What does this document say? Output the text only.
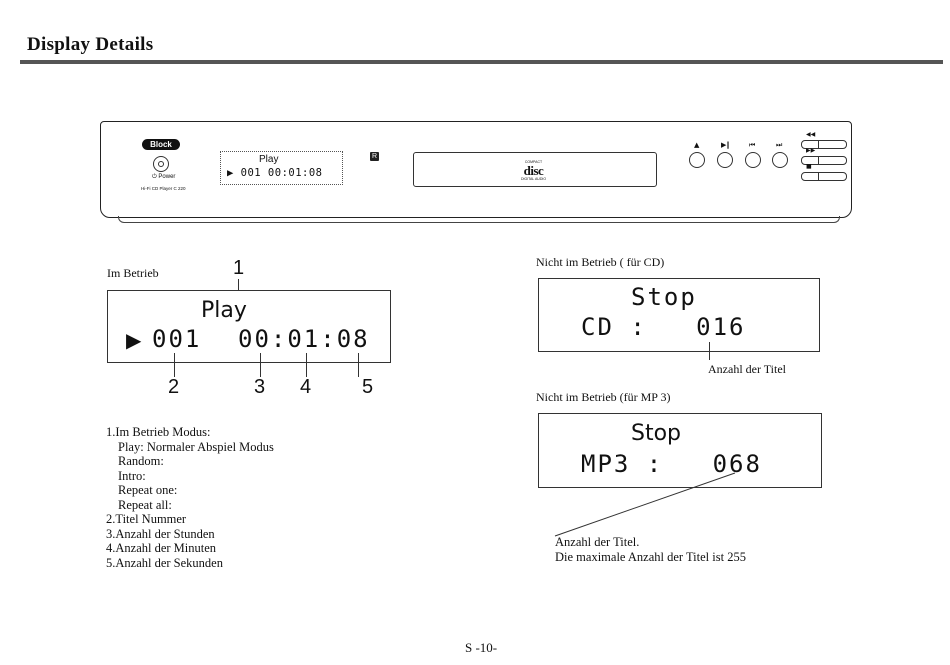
Display Details
Block
⏻ Power
Hi-Fi CD Player C 220
Play
▶ 001 00:01:08
R
COMPACT
disc
DIGITAL AUDIO
▲	▶‖	⏮	⏭
◀◀
▶▶
■
Im Betrieb	1
Play
▶ 001 00:01:08
2	3 4	5
Nicht im Betrieb ( für CD)
Stop
CD :   016
Anzahl der Titel
Nicht im Betrieb (für MP 3)
Stop
MP3 :   068
Anzahl der Titel.
Die maximale Anzahl der Titel ist 255
1.Im Betrieb Modus:
Play: Normaler Abspiel Modus
Random:
Intro:
Repeat one:
Repeat all:
2.Titel Nummer
3.Anzahl der Stunden
4.Anzahl der Minuten
5.Anzahl der Sekunden
S -10-
